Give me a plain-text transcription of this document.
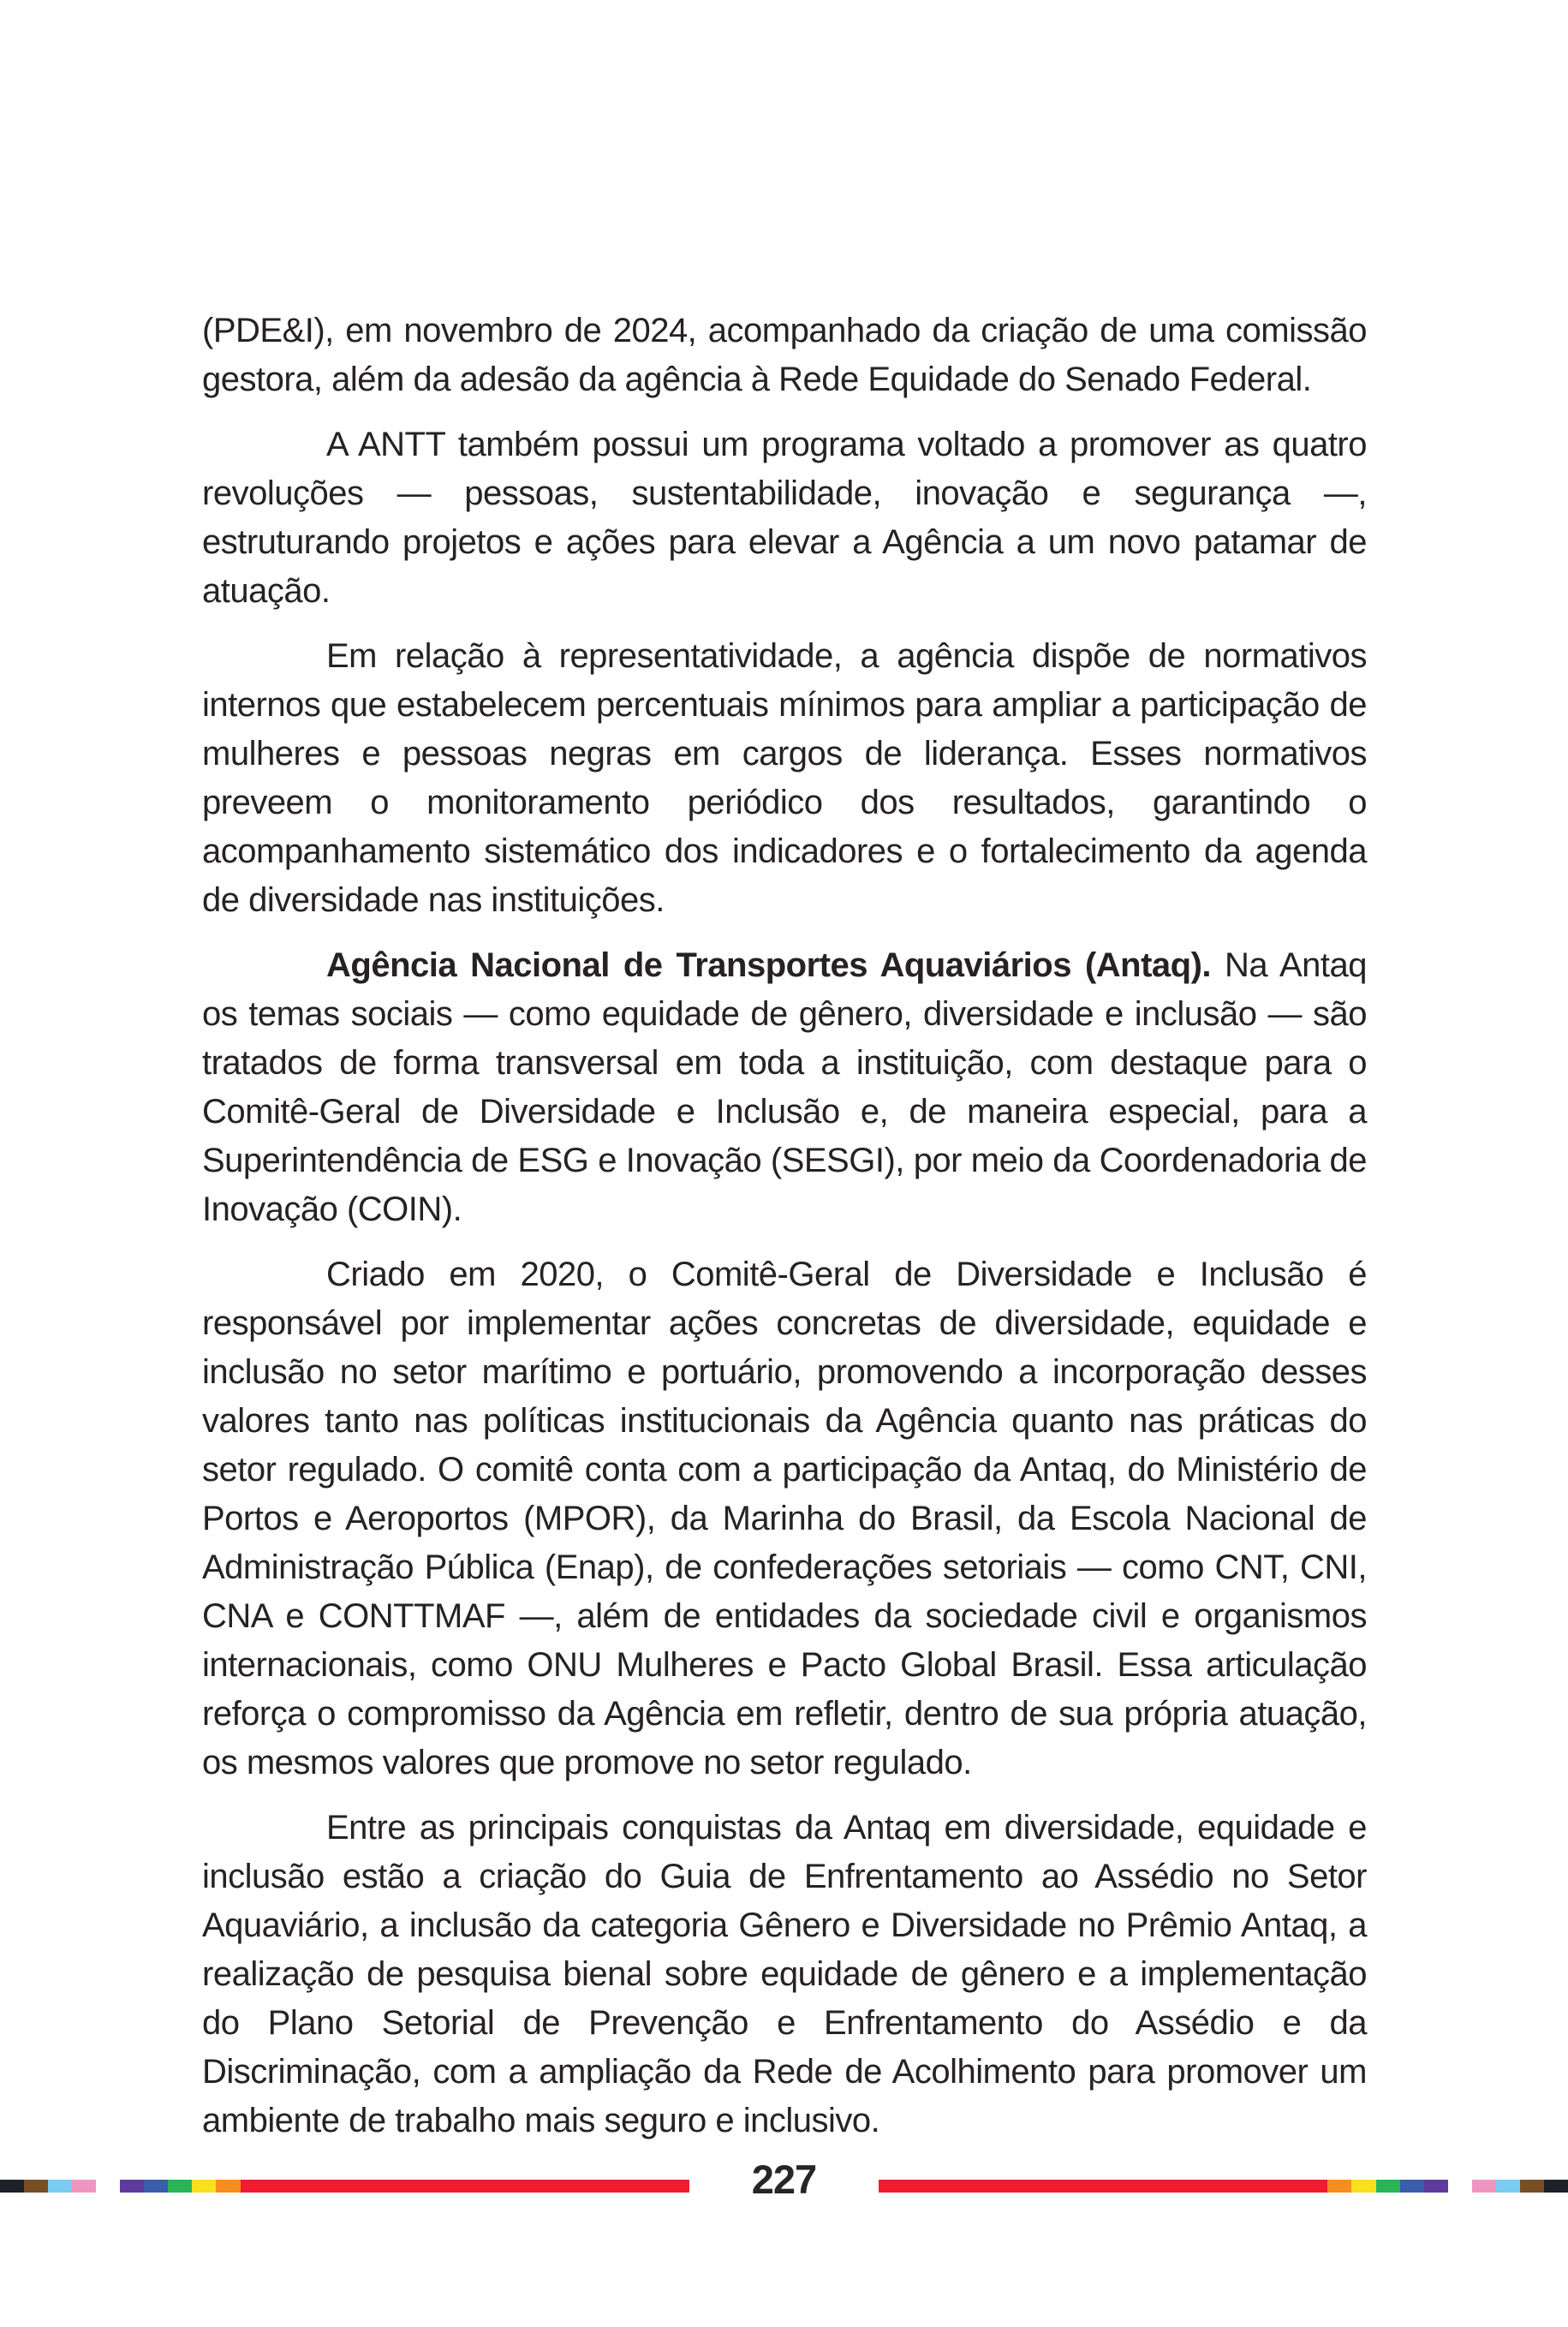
(PDE&I), em novembro de 2024, acompanhado da criação de uma comissão gestora, além da adesão da agência à Rede Equidade do Senado Federal.

A ANTT também possui um programa voltado a promover as quatro revoluções — pessoas, sustentabilidade, inovação e segurança —, estruturando projetos e ações para elevar a Agência a um novo patamar de atuação.

Em relação à representatividade, a agência dispõe de normativos internos que estabelecem percentuais mínimos para ampliar a participação de mulheres e pessoas negras em cargos de liderança. Esses normativos preveem o monitoramento periódico dos resultados, garantindo o acompanhamento sistemático dos indicadores e o fortalecimento da agenda de diversidade nas instituições.

Agência Nacional de Transportes Aquaviários (Antaq). Na Antaq os temas sociais — como equidade de gênero, diversidade e inclusão — são tratados de forma transversal em toda a instituição, com destaque para o Comitê-Geral de Diversidade e Inclusão e, de maneira especial, para a Superintendência de ESG e Inovação (SESGI), por meio da Coordenadoria de Inovação (COIN).

Criado em 2020, o Comitê-Geral de Diversidade e Inclusão é responsável por implementar ações concretas de diversidade, equidade e inclusão no setor marítimo e portuário, promovendo a incorporação desses valores tanto nas políticas institucionais da Agência quanto nas práticas do setor regulado. O comitê conta com a participação da Antaq, do Ministério de Portos e Aeroportos (MPOR), da Marinha do Brasil, da Escola Nacional de Administração Pública (Enap), de confederações setoriais — como CNT, CNI, CNA e CONTTMAF —, além de entidades da sociedade civil e organismos internacionais, como ONU Mulheres e Pacto Global Brasil. Essa articulação reforça o compromisso da Agência em refletir, dentro de sua própria atuação, os mesmos valores que promove no setor regulado.

Entre as principais conquistas da Antaq em diversidade, equidade e inclusão estão a criação do Guia de Enfrentamento ao Assédio no Setor Aquaviário, a inclusão da categoria Gênero e Diversidade no Prêmio Antaq, a realização de pesquisa bienal sobre equidade de gênero e a implementação do Plano Setorial de Prevenção e Enfrentamento do Assédio e da Discriminação, com a ampliação da Rede de Acolhimento para promover um ambiente de trabalho mais seguro e inclusivo.

227
